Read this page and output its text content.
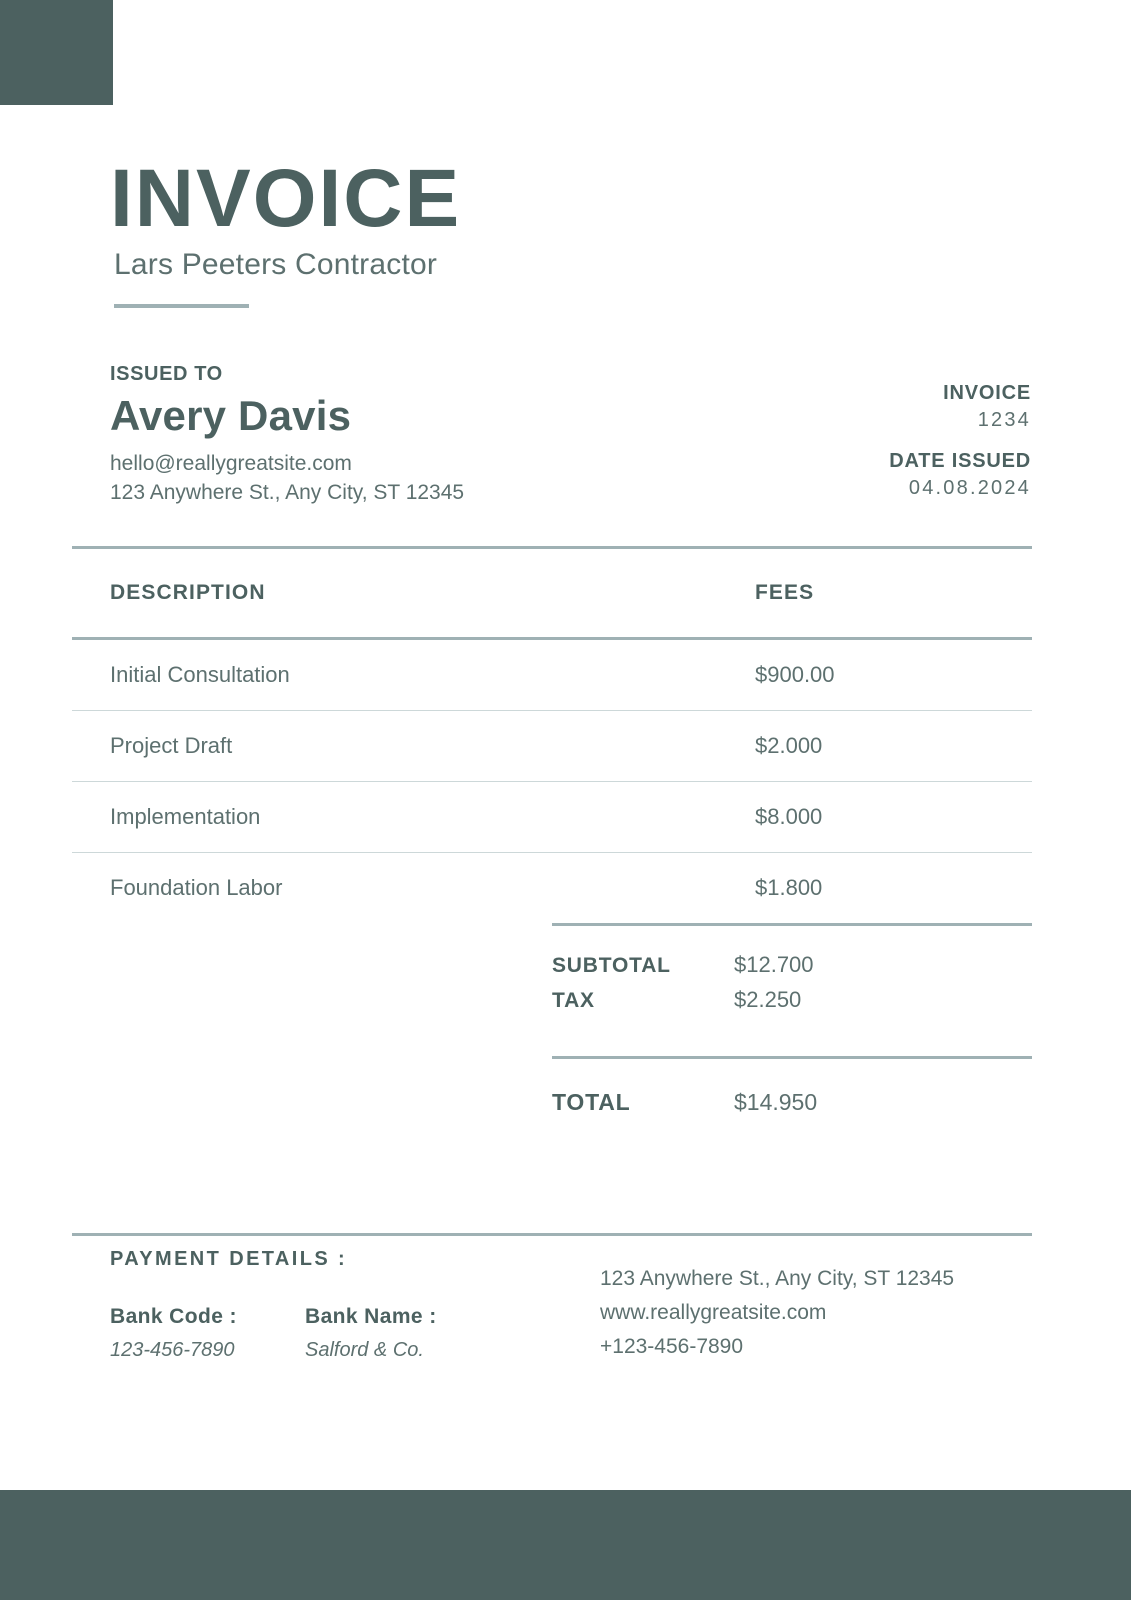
INVOICE
Lars Peeters Contractor
ISSUED TO
Avery Davis
hello@reallygreatsite.com
123 Anywhere St., Any City, ST 12345
INVOICE
1234
DATE ISSUED
04.08.2024
DESCRIPTION	FEES
Initial Consultation	$900.00
Project Draft	$2.000
Implementation	$8.000
Foundation Labor	$1.800
SUBTOTAL	$12.700
TAX	$2.250
TOTAL	$14.950
PAYMENT DETAILS :
Bank Code :
123-456-7890
Bank Name :
Salford & Co.
123 Anywhere St., Any City, ST 12345
www.reallygreatsite.com
+123-456-7890
